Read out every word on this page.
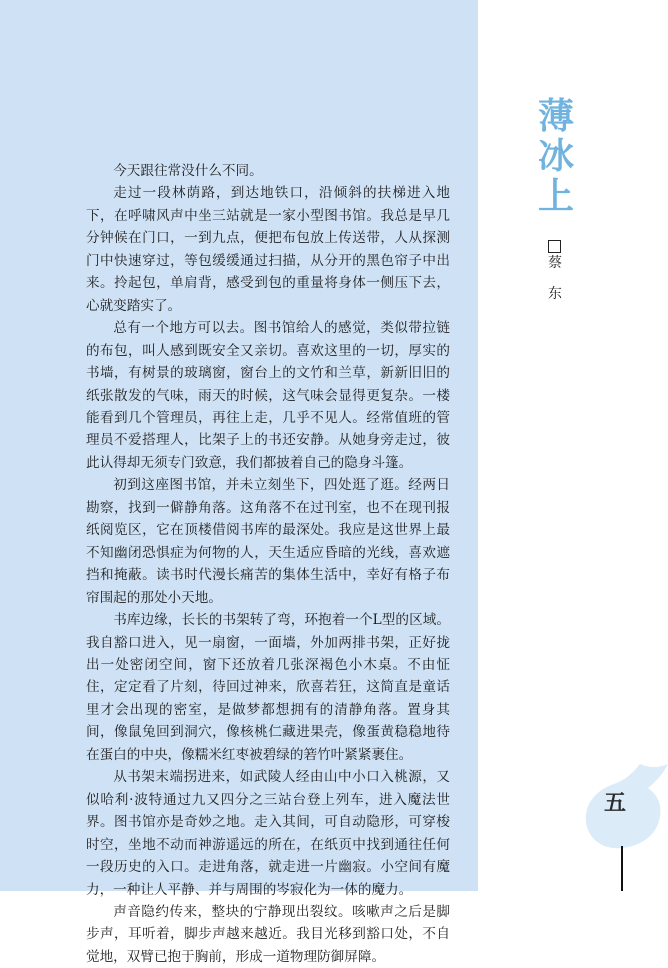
今天跟往常没什么不同。

走过一段林荫路，到达地铁口，沿倾斜的扶梯进入地下，在呼啸风声中坐三站就是一家小型图书馆。我总是早几分钟候在门口，一到九点，便把布包放上传送带，人从探测门中快速穿过，等包缓缓通过扫描，从分开的黑色帘子中出来。拎起包，单肩背，感受到包的重量将身体一侧压下去，心就变踏实了。

总有一个地方可以去。图书馆给人的感觉，类似带拉链的布包，叫人感到既安全又亲切。喜欢这里的一切，厚实的书墙，有树景的玻璃窗，窗台上的文竹和兰草，新新旧旧的纸张散发的气味，雨天的时候，这气味会显得更复杂。一楼能看到几个管理员，再往上走，几乎不见人。经常值班的管理员不爱搭理人，比架子上的书还安静。从她身旁走过，彼此认得却无须专门致意，我们都披着自己的隐身斗篷。

初到这座图书馆，并未立刻坐下，四处逛了逛。经两日勘察，找到一僻静角落。这角落不在过刊室，也不在现刊报纸阅览区，它在顶楼借阅书库的最深处。我应是这世界上最不知幽闭恐惧症为何物的人，天生适应昏暗的光线，喜欢遮挡和掩蔽。读书时代漫长痛苦的集体生活中，幸好有格子布帘围起的那处小天地。

书库边缘，长长的书架转了弯，环抱着一个L型的区域。我自豁口进入，见一扇窗，一面墙，外加两排书架，正好拢出一处密闭空间，窗下还放着几张深褐色小木桌。不由怔住，定定看了片刻，待回过神来，欣喜若狂，这简直是童话里才会出现的密室，是做梦都想拥有的清静角落。置身其间，像鼠兔回到洞穴，像核桃仁藏进果壳，像蛋黄稳稳地待在蛋白的中央，像糯米红枣被碧绿的箬竹叶紧紧裹住。

从书架末端拐进来，如武陵人经由山中小口入桃源，又似哈利·波特通过九又四分之三站台登上列车，进入魔法世界。图书馆亦是奇妙之地。走入其间，可自动隐形，可穿梭时空，坐地不动而神游遥远的所在，在纸页中找到通往任何一段历史的入口。走进角落，就走进一片幽寂。小空间有魔力，一种让人平静、并与周围的岑寂化为一体的魔力。

声音隐约传来，整块的宁静现出裂纹。咳嗽声之后是脚步声，耳听着，脚步声越来越近。我目光移到豁口处，不自觉地，双臂已抱于胸前，形成一道物理防御屏障。

薄
冰
上
蔡
东
五
